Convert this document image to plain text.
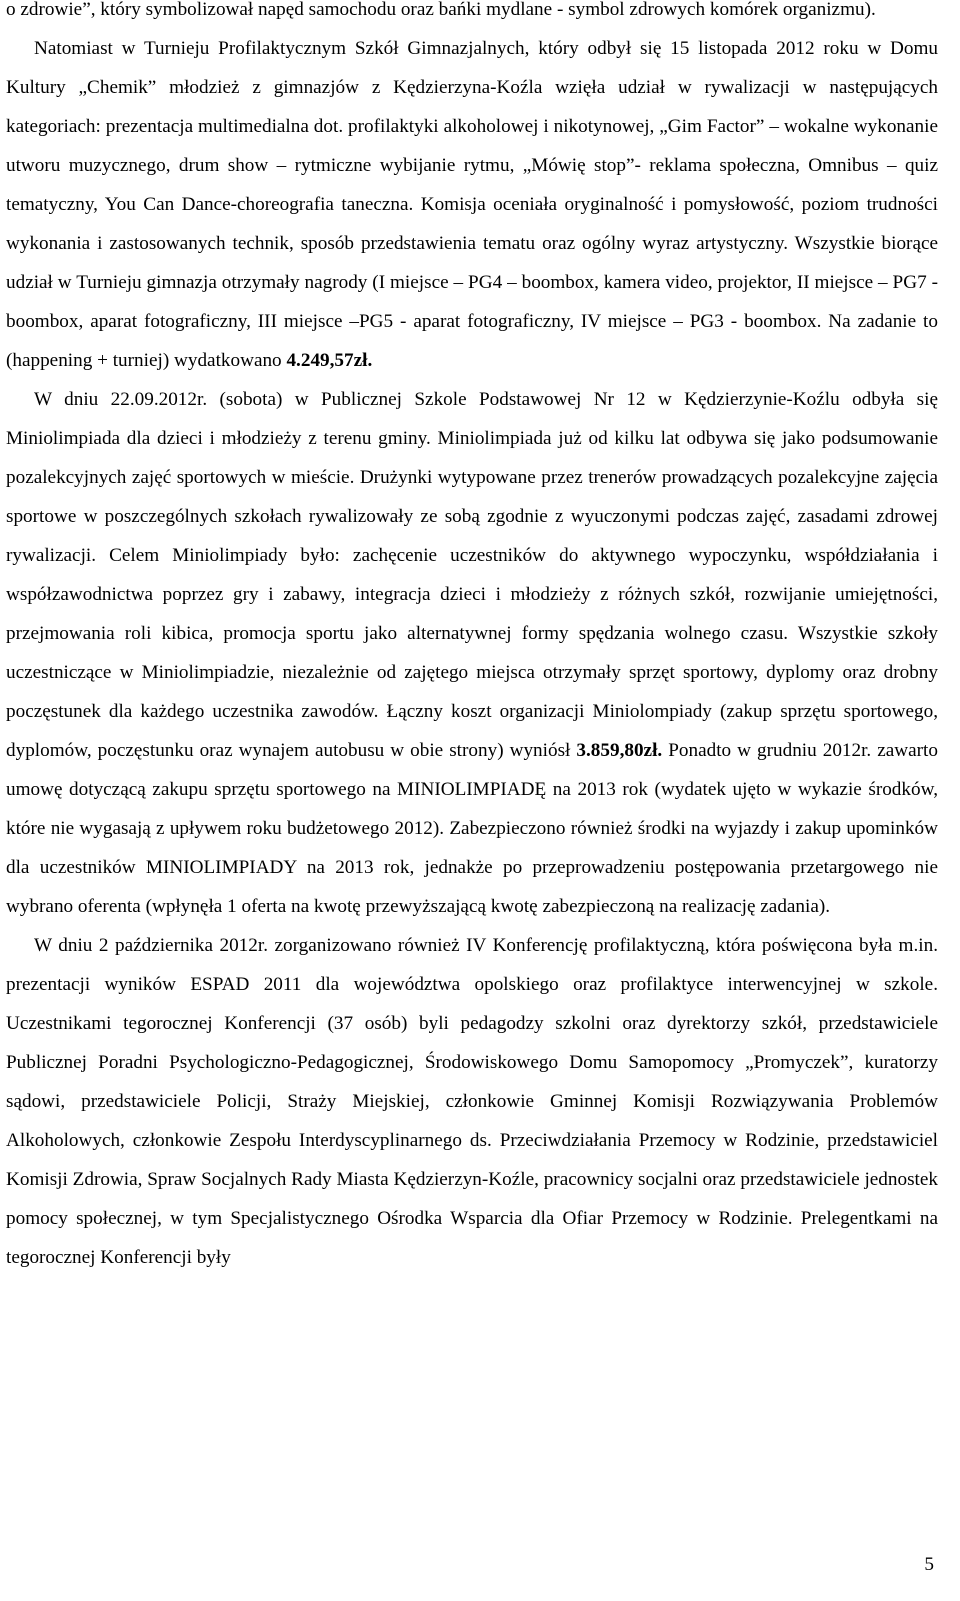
o zdrowie”, który symbolizował napęd samochodu oraz bańki mydlane - symbol zdrowych komórek organizmu).

Natomiast w Turnieju Profilaktycznym Szkół Gimnazjalnych, który odbył się 15 listopada 2012 roku w Domu Kultury „Chemik” młodzież z gimnazjów z Kędzierzyna-Koźla wzięła udział w rywalizacji w następujących kategoriach: prezentacja multimedialna dot. profilaktyki alkoholowej i nikotynowej, „Gim Factor” – wokalne wykonanie utworu muzycznego, drum show – rytmiczne wybijanie rytmu, „Mówię stop”- reklama społeczna, Omnibus – quiz tematyczny, You Can Dance-choreografia taneczna. Komisja oceniała oryginalność i pomysłowość, poziom trudności wykonania i zastosowanych technik, sposób przedstawienia tematu oraz ogólny wyraz artystyczny. Wszystkie biorące udział w Turnieju gimnazja otrzymały nagrody (I miejsce – PG4 – boombox, kamera video, projektor, II miejsce – PG7 - boombox, aparat fotograficzny, III miejsce –PG5 - aparat fotograficzny, IV miejsce – PG3 - boombox. Na zadanie to (happening + turniej) wydatkowano 4.249,57zł.

W dniu 22.09.2012r. (sobota) w Publicznej Szkole Podstawowej Nr 12 w Kędzierzynie-Koźlu odbyła się Miniolimpiada dla dzieci i młodzieży z terenu gminy. Miniolimpiada już od kilku lat odbywa się jako podsumowanie pozalekcyjnych zajęć sportowych w mieście. Drużynki wytypowane przez trenerów prowadzących pozalekcyjne zajęcia sportowe w poszczególnych szkołach rywalizowały ze sobą zgodnie z wyuczonymi podczas zajęć, zasadami zdrowej rywalizacji. Celem Miniolimpiady było: zachęcenie uczestników do aktywnego wypoczynku, współdziałania i współzawodnictwa poprzez gry i zabawy, integracja dzieci i młodzieży z różnych szkół, rozwijanie umiejętności, przejmowania roli kibica, promocja sportu jako alternatywnej formy spędzania wolnego czasu. Wszystkie szkoły uczestniczące w Miniolimpiadzie, niezależnie od zajętego miejsca otrzymały sprzęt sportowy, dyplomy oraz drobny poczęstunek dla każdego uczestnika zawodów. Łączny koszt organizacji Miniolompiady (zakup sprzętu sportowego, dyplomów, poczęstunku oraz wynajem autobusu w obie strony) wyniósł 3.859,80zł. Ponadto w grudniu 2012r. zawarto umowę dotyczącą zakupu sprzętu sportowego na MINIOLIMPIADĘ na 2013 rok (wydatek ujęto w wykazie środków, które nie wygasają z upływem roku budżetowego 2012). Zabezpieczono również środki na wyjazdy i zakup upominków dla uczestników MINIOLIMPIADY na 2013 rok, jednakże po przeprowadzeniu postępowania przetargowego nie wybrano oferenta (wpłynęła 1 oferta na kwotę przewyższającą kwotę zabezpieczoną na realizację zadania).

W dniu 2 października 2012r. zorganizowano również IV Konferencję profilaktyczną, która poświęcona była m.in. prezentacji wyników ESPAD 2011 dla województwa opolskiego oraz profilaktyce interwencyjnej w szkole. Uczestnikami tegorocznej Konferencji (37 osób) byli pedagodzy szkolni oraz dyrektorzy szkół, przedstawiciele Publicznej Poradni Psychologiczno-Pedagogicznej, Środowiskowego Domu Samopomocy „Promyczek”, kuratorzy sądowi, przedstawiciele Policji, Straży Miejskiej, członkowie Gminnej Komisji Rozwiązywania Problemów Alkoholowych, członkowie Zespołu Interdyscyplinarnego ds. Przeciwdziałania Przemocy w Rodzinie, przedstawiciel Komisji Zdrowia, Spraw Socjalnych Rady Miasta Kędzierzyn-Koźle, pracownicy socjalni oraz przedstawiciele jednostek pomocy społecznej, w tym Specjalistycznego Ośrodka Wsparcia dla Ofiar Przemocy w Rodzinie. Prelegentkami na tegorocznej Konferencji były

5
